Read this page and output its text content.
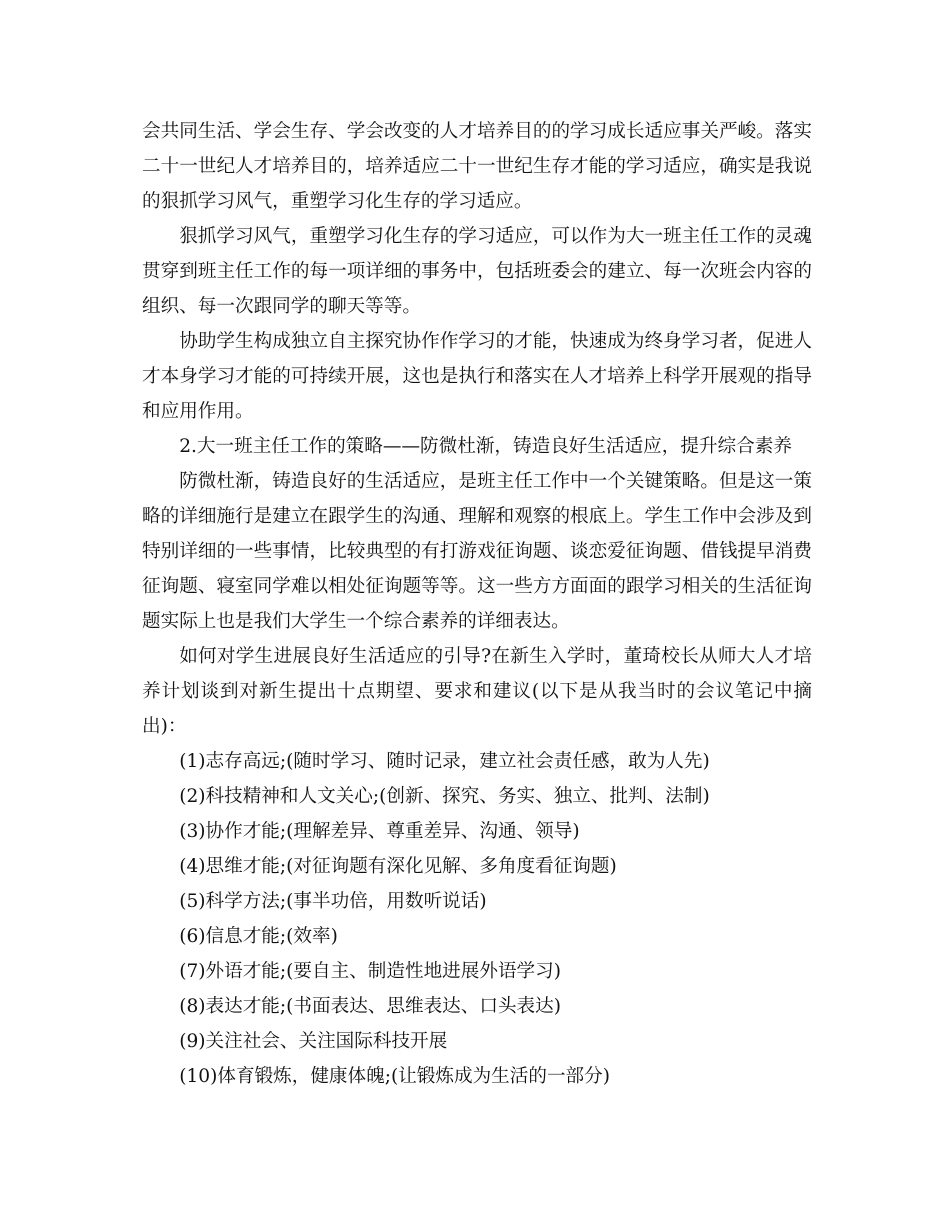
会共同生活、学会生存、学会改变的人才培养目的的学习成长适应事关严峻。落实二十一世纪人才培养目的，培养适应二十一世纪生存才能的学习适应，确实是我说的狠抓学习风气，重塑学习化生存的学习适应。

狠抓学习风气，重塑学习化生存的学习适应，可以作为大一班主任工作的灵魂贯穿到班主任工作的每一项详细的事务中，包括班委会的建立、每一次班会内容的组织、每一次跟同学的聊天等等。

协助学生构成独立自主探究协作作学习的才能，快速成为终身学习者，促进人才本身学习才能的可持续开展，这也是执行和落实在人才培养上科学开展观的指导和应用作用。

2.大一班主任工作的策略——防微杜渐，铸造良好生活适应，提升综合素养

防微杜渐，铸造良好的生活适应，是班主任工作中一个关键策略。但是这一策略的详细施行是建立在跟学生的沟通、理解和观察的根底上。学生工作中会涉及到特别详细的一些事情，比较典型的有打游戏征询题、谈恋爱征询题、借钱提早消费征询题、寝室同学难以相处征询题等等。这一些方方面面的跟学习相关的生活征询题实际上也是我们大学生一个综合素养的详细表达。

如何对学生进展良好生活适应的引导?在新生入学时，董琦校长从师大人才培养计划谈到对新生提出十点期望、要求和建议(以下是从我当时的会议笔记中摘出)：

(1)志存高远;(随时学习、随时记录，建立社会责任感，敢为人先)
(2)科技精神和人文关心;(创新、探究、务实、独立、批判、法制)
(3)协作才能;(理解差异、尊重差异、沟通、领导)
(4)思维才能;(对征询题有深化见解、多角度看征询题)
(5)科学方法;(事半功倍，用数听说话)
(6)信息才能;(效率)
(7)外语才能;(要自主、制造性地进展外语学习)
(8)表达才能;(书面表达、思维表达、口头表达)
(9)关注社会、关注国际科技开展
(10)体育锻炼，健康体魄;(让锻炼成为生活的一部分)
